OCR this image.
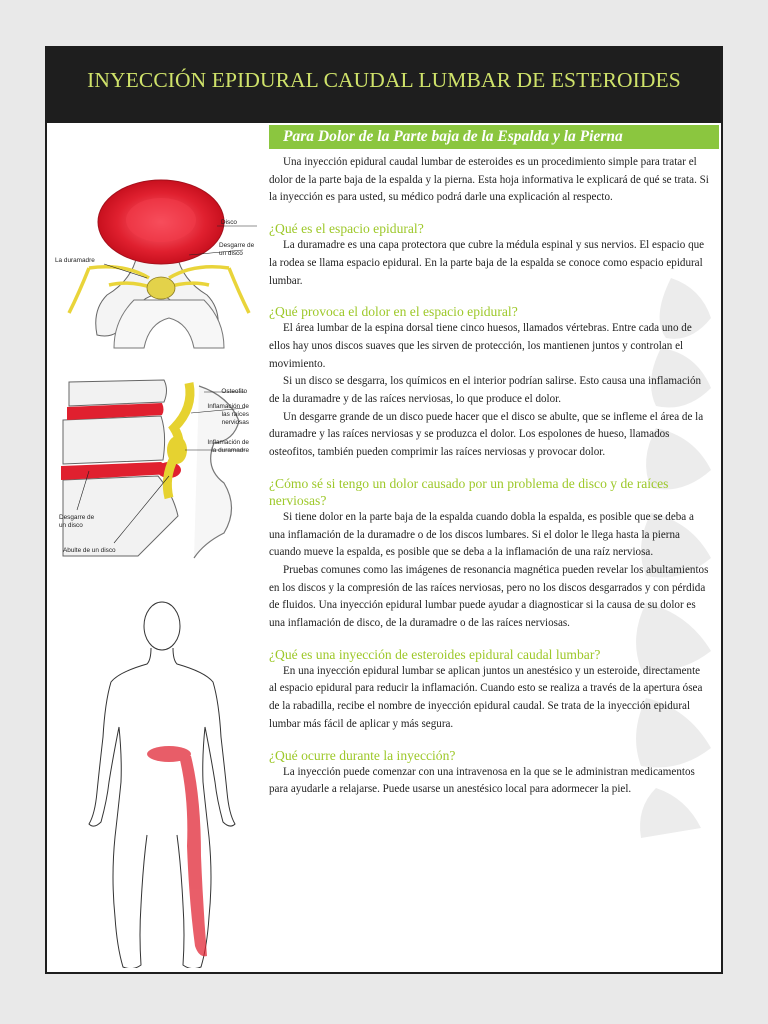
INYECCIÓN EPIDURAL CAUDAL LUMBAR DE ESTEROIDES
Para Dolor de la Parte baja de la Espalda y la Pierna
Disco
Desgarre de
un disco
La duramadre
Osteofito
Inflamación de
las raíces
nerviosas
Inflamación de
la duramadre
Desgarre de
un disco
Abulte de un disco

Una inyección epidural caudal lumbar de esteroides es un procedimiento simple para tratar el dolor de la parte baja de la espalda y la pierna. Esta hoja informativa le explicará de qué se trata. Si la inyección es para usted, su médico podrá darle una explicación al respecto.

¿Qué es el espacio epidural?

La duramadre es una capa protectora que cubre la médula espinal y sus nervios. El espacio que la rodea se llama espacio epidural. En la parte baja de la espalda se conoce como espacio epidural lumbar.

¿Qué provoca el dolor en el espacio epidural?

El área lumbar de la espina dorsal tiene cinco huesos, llamados vértebras. Entre cada uno de ellos hay unos discos suaves que les sirven de protección, los mantienen juntos y controlan el movimiento.

Si un disco se desgarra, los químicos en el interior podrían salirse. Esto causa una inflamación de la duramadre y de las raíces nerviosas, lo que produce el dolor.

Un desgarre grande de un disco puede hacer que el disco se abulte, que se infleme el área de la duramadre y las raíces nerviosas y se produzca el dolor. Los espolones de hueso, llamados osteofitos, también pueden comprimir las raíces nerviosas y provocar dolor.

¿Cómo sé si tengo un dolor causado por un problema de disco y de raíces nerviosas?

Si tiene dolor en la parte baja de la espalda cuando dobla la espalda, es posible que se deba a una inflamación de la duramadre o de los discos lumbares. Si el dolor le llega hasta la pierna cuando mueve la espalda, es posible que se deba a la inflamación de una raíz nerviosa.

Pruebas comunes como las imágenes de resonancia magnética pueden revelar los abultamientos en los discos y la compresión de las raíces nerviosas, pero no los discos desgarrados y con pérdida de fluidos. Una inyección epidural lumbar puede ayudar a diagnosticar si la causa de su dolor es una inflamación de disco, de la duramadre o de las raíces nerviosas.

¿Qué es una inyección de esteroides epidural caudal lumbar?

En una inyección epidural lumbar se aplican juntos un anestésico y un esteroide, directamente al espacio epidural para reducir la inflamación. Cuando esto se realiza a través de la apertura ósea de la rabadilla, recibe el nombre de inyección epidural caudal. Se trata de la inyección epidural lumbar más fácil de aplicar y más segura.

¿Qué ocurre durante la inyección?

La inyección puede comenzar con una intravenosa en la que se le administran medicamentos para ayudarle a relajarse. Puede usarse un anestésico local para adormecer la piel.
